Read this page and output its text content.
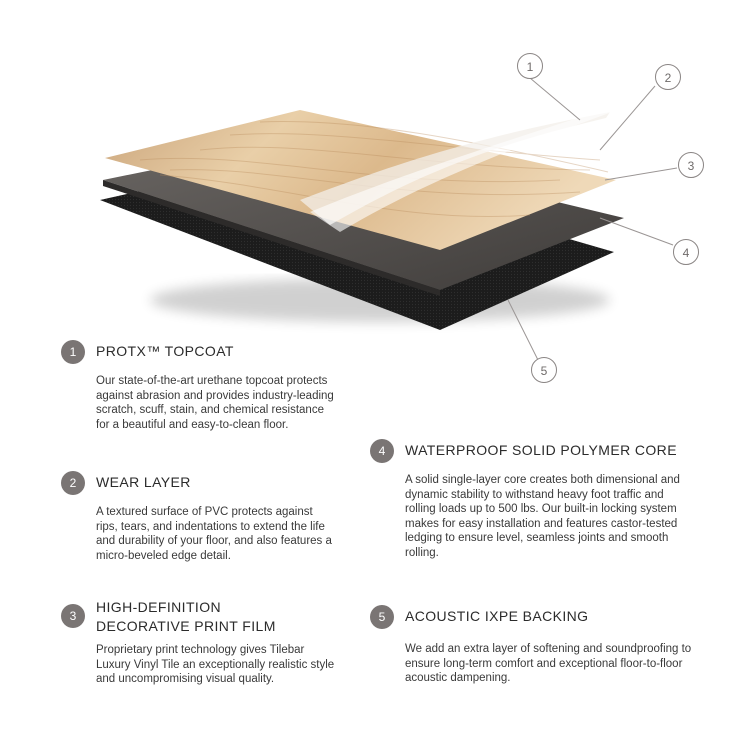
1
2
3
4
5
1	PROTX™ TOPCOAT

Our state-of-the-art urethane topcoat protects against abrasion and provides industry-leading scratch, scuff, stain, and chemical resistance for a beautiful and easy-to-clean floor.

2	WEAR LAYER

A textured surface of PVC protects against rips, tears, and indentations to extend the life and durability of your floor, and also features a micro-beveled edge detail.

3
HIGH-DEFINITION
DECORATIVE PRINT FILM

Proprietary print technology gives Tilebar Luxury Vinyl Tile an exceptionally realistic style and uncompromising visual quality.

4	WATERPROOF SOLID POLYMER CORE

A solid single-layer core creates both dimensional and dynamic stability to withstand heavy foot traffic and rolling loads up to 500 lbs. Our built-in locking system makes for easy installation and features castor-tested ledging to ensure level, seamless joints and smooth rolling.

5	ACOUSTIC IXPE BACKING

We add an extra layer of softening and soundproofing to ensure long-term comfort and exceptional floor-to-floor acoustic dampening.
